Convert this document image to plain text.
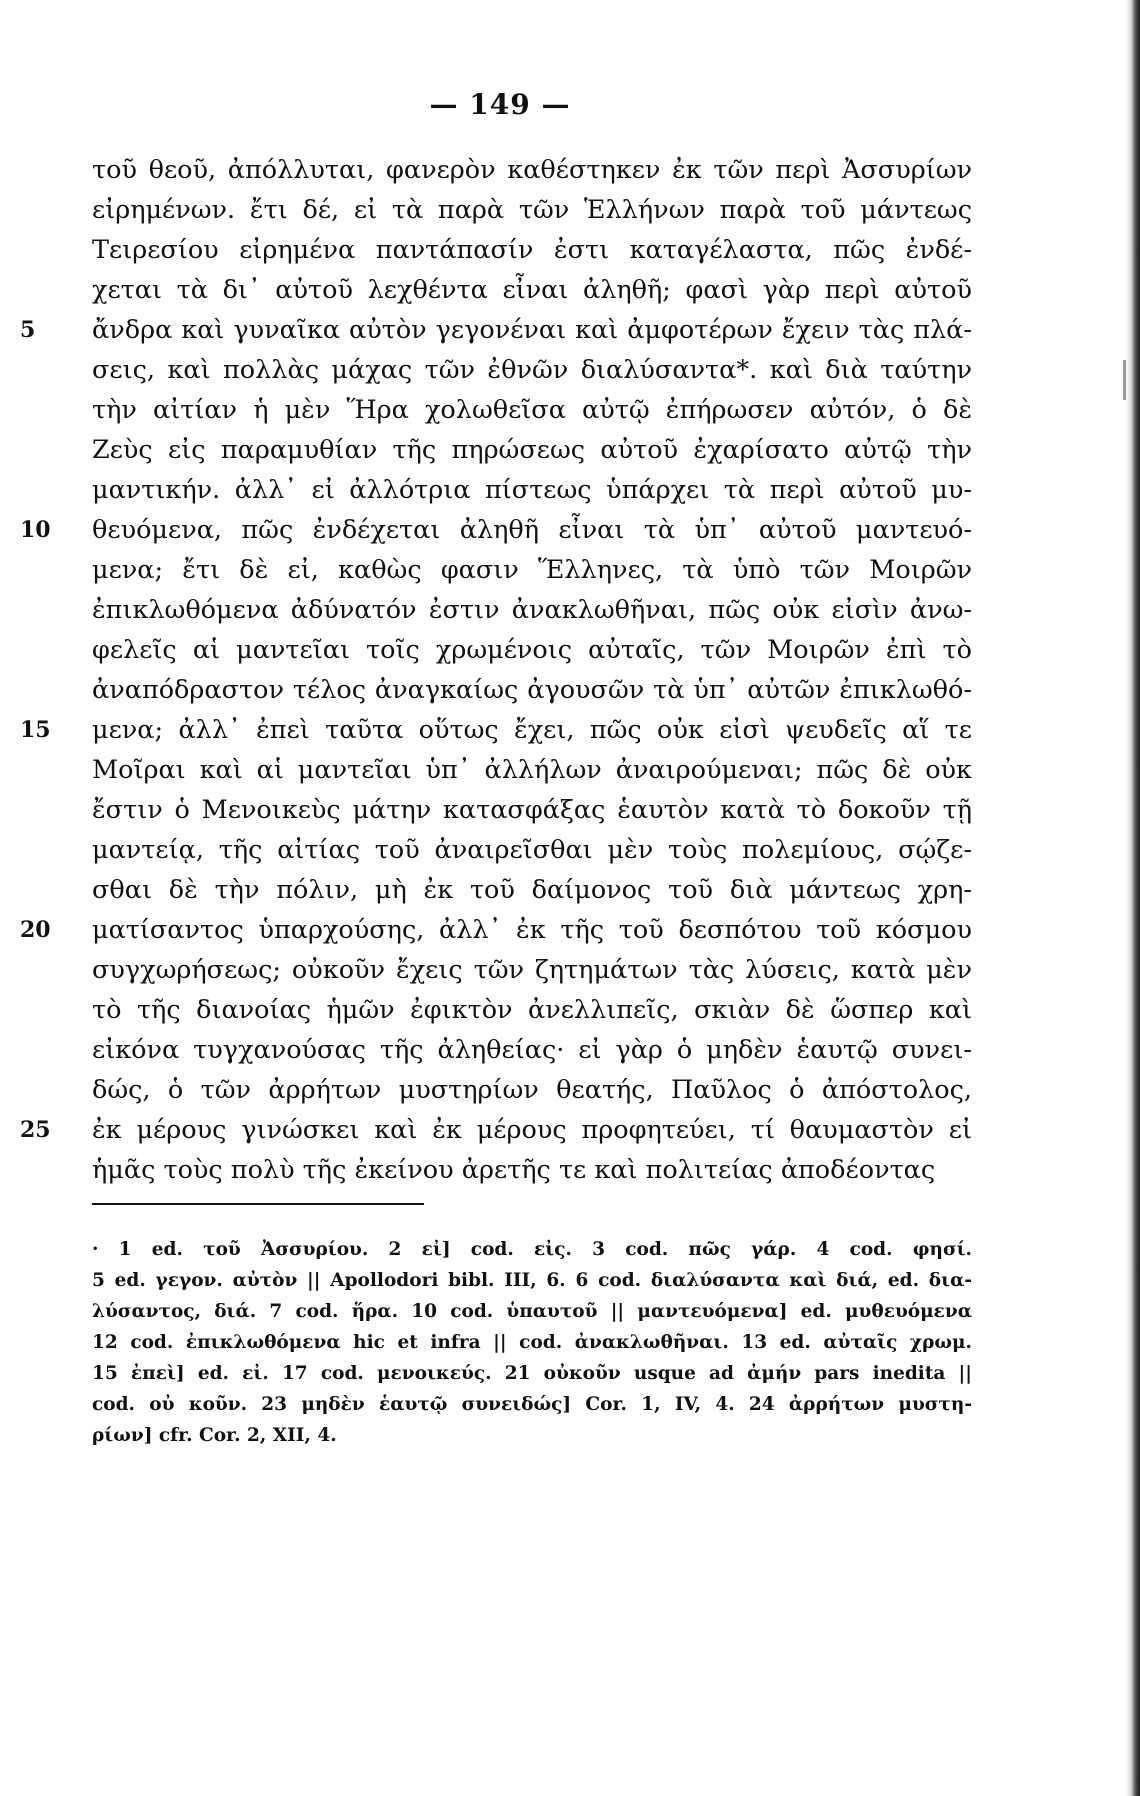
— 149 —
τοῦ θεοῦ, ἀπόλλυται, φανερὸν καθέστηκεν ἐκ τῶν περὶ Ἀσσυρίων
εἰρημένων. ἔτι δέ, εἰ τὰ παρὰ τῶν Ἑλλήνων παρὰ τοῦ μάντεως
Τειρεσίου εἰρημένα παντάπασίν ἐστι καταγέλαστα, πῶς ἐνδέ-
χεται τὰ δι᾽ αὐτοῦ λεχθέντα εἶναι ἀληθῆ; φασὶ γὰρ περὶ αὐτοῦ
5	ἄνδρα καὶ γυναῖκα αὐτὸν γεγονέναι καὶ ἀμφοτέρων ἔχειν τὰς πλά-
σεις, καὶ πολλὰς μάχας τῶν ἐθνῶν διαλύσαντα*. καὶ διὰ ταύτην
τὴν αἰτίαν ἡ μὲν Ἥρα χολωθεῖσα αὐτῷ ἐπήρωσεν αὐτόν, ὁ δὲ
Ζεὺς εἰς παραμυθίαν τῆς πηρώσεως αὐτοῦ ἐχαρίσατο αὐτῷ τὴν
μαντικήν. ἀλλ᾽ εἰ ἀλλότρια πίστεως ὑπάρχει τὰ περὶ αὐτοῦ μυ-
10	θευόμενα, πῶς ἐνδέχεται ἀληθῆ εἶναι τὰ ὑπ᾽ αὐτοῦ μαντευό-
μενα; ἔτι δὲ εἰ, καθὼς φασιν Ἕλληνες, τὰ ὑπὸ τῶν Μοιρῶν
ἐπικλωθόμενα ἀδύνατόν ἐστιν ἀνακλωθῆναι, πῶς οὐκ εἰσὶν ἀνω-
φελεῖς αἱ μαντεῖαι τοῖς χρωμένοις αὐταῖς, τῶν Μοιρῶν ἐπὶ τὸ
ἀναπόδραστον τέλος ἀναγκαίως ἀγουσῶν τὰ ὑπ᾽ αὐτῶν ἐπικλωθό-
15	μενα; ἀλλ᾽ ἐπεὶ ταῦτα οὕτως ἔχει, πῶς οὐκ εἰσὶ ψευδεῖς αἵ τε
Μοῖραι καὶ αἱ μαντεῖαι ὑπ᾽ ἀλλήλων ἀναιρούμεναι; πῶς δὲ οὐκ
ἔστιν ὁ Μενοικεὺς μάτην κατασφάξας ἑαυτὸν κατὰ τὸ δοκοῦν τῇ
μαντείᾳ, τῆς αἰτίας τοῦ ἀναιρεῖσθαι μὲν τοὺς πολεμίους, σῴζε-
σθαι δὲ τὴν πόλιν, μὴ ἐκ τοῦ δαίμονος τοῦ διὰ μάντεως χρη-
20	ματίσαντος ὑπαρχούσης, ἀλλ᾽ ἐκ τῆς τοῦ δεσπότου τοῦ κόσμου
συγχωρήσεως; οὐκοῦν ἔχεις τῶν ζητημάτων τὰς λύσεις, κατὰ μὲν
τὸ τῆς διανοίας ἡμῶν ἐφικτὸν ἀνελλιπεῖς, σκιὰν δὲ ὥσπερ καὶ
εἰκόνα τυγχανούσας τῆς ἀληθείας· εἰ γὰρ ὁ μηδὲν ἑαυτῷ συνει-
δώς, ὁ τῶν ἀρρήτων μυστηρίων θεατής, Παῦλος ὁ ἀπόστολος,
25	ἐκ μέρους γινώσκει καὶ ἐκ μέρους προφητεύει, τί θαυμαστὸν εἰ
ἡμᾶς τοὺς πολὺ τῆς ἐκείνου ἀρετῆς τε καὶ πολιτείας ἀποδέοντας
· 1 ed. τοῦ Ἀσσυρίου. 2 εἰ] cod. εἰς. 3 cod. πῶς γάρ. 4 cod. φησί.
5 ed. γεγον. αὐτὸν || Apollodori bibl. III, 6. 6 cod. διαλύσαντα καὶ διά, ed. δια-
λύσαντος, διά. 7 cod. ἥρα. 10 cod. ὑπαυτοῦ || μαντευόμενα] ed. μυθευόμενα
12 cod. ἐπικλωθόμενα hic et infra || cod. ἀνακλωθῆναι. 13 ed. αὐταῖς χρωμ.
15 ἐπεὶ] ed. εἰ. 17 cod. μενοικεύς. 21 οὐκοῦν usque ad ἀμήν pars inedita ||
cod. οὐ κοῦν. 23 μηδὲν ἑαυτῷ συνειδώς] Cor. 1, IV, 4. 24 ἀρρήτων μυστη-
ρίων] cfr. Cor. 2, XII, 4.
